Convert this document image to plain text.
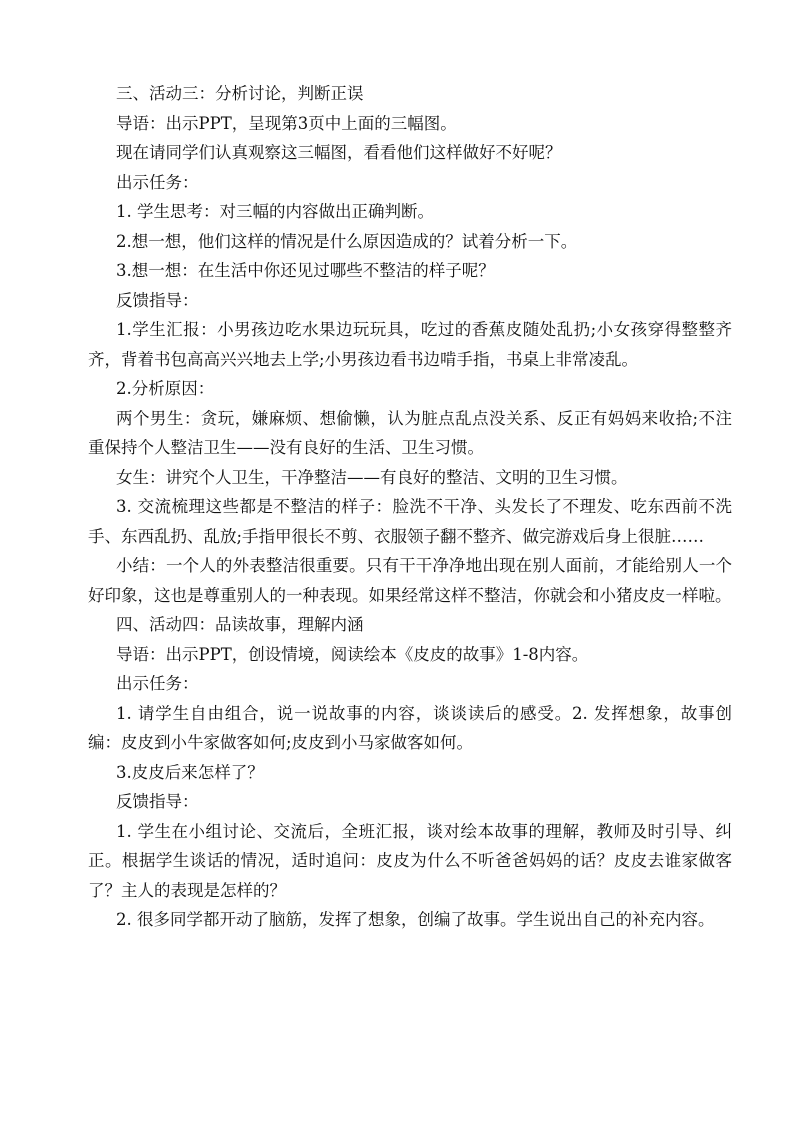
三、活动三：分析讨论，判断正误

导语：出示PPT，呈现第3页中上面的三幅图。

现在请同学们认真观察这三幅图，看看他们这样做好不好呢？

出示任务：

1. 学生思考：对三幅的内容做出正确判断。

2.想一想，他们这样的情况是什么原因造成的？试着分析一下。

3.想一想：在生活中你还见过哪些不整洁的样子呢？

反馈指导：

1.学生汇报：小男孩边吃水果边玩玩具，吃过的香蕉皮随处乱扔;小女孩穿得整整齐齐，背着书包高高兴兴地去上学;小男孩边看书边啃手指，书桌上非常凌乱。

2.分析原因：

两个男生：贪玩，嫌麻烦、想偷懒，认为脏点乱点没关系、反正有妈妈来收拾;不注重保持个人整洁卫生——没有良好的生活、卫生习惯。

女生：讲究个人卫生，干净整洁——有良好的整洁、文明的卫生习惯。

3. 交流梳理这些都是不整洁的样子：脸洗不干净、头发长了不理发、吃东西前不洗手、东西乱扔、乱放;手指甲很长不剪、衣服领子翻不整齐、做完游戏后身上很脏……

小结：一个人的外表整洁很重要。只有干干净净地出现在别人面前，才能给别人一个好印象，这也是尊重别人的一种表现。如果经常这样不整洁，你就会和小猪皮皮一样啦。

四、活动四：品读故事，理解内涵

导语：出示PPT，创设情境，阅读绘本《皮皮的故事》1-8内容。

出示任务：

1. 请学生自由组合，说一说故事的内容，谈谈读后的感受。2. 发挥想象，故事创编：皮皮到小牛家做客如何;皮皮到小马家做客如何。

3.皮皮后来怎样了？

反馈指导：

1. 学生在小组讨论、交流后，全班汇报，谈对绘本故事的理解，教师及时引导、纠正。根据学生谈话的情况，适时追问：皮皮为什么不听爸爸妈妈的话？皮皮去谁家做客了？主人的表现是怎样的？

2. 很多同学都开动了脑筋，发挥了想象，创编了故事。学生说出自己的补充内容。
